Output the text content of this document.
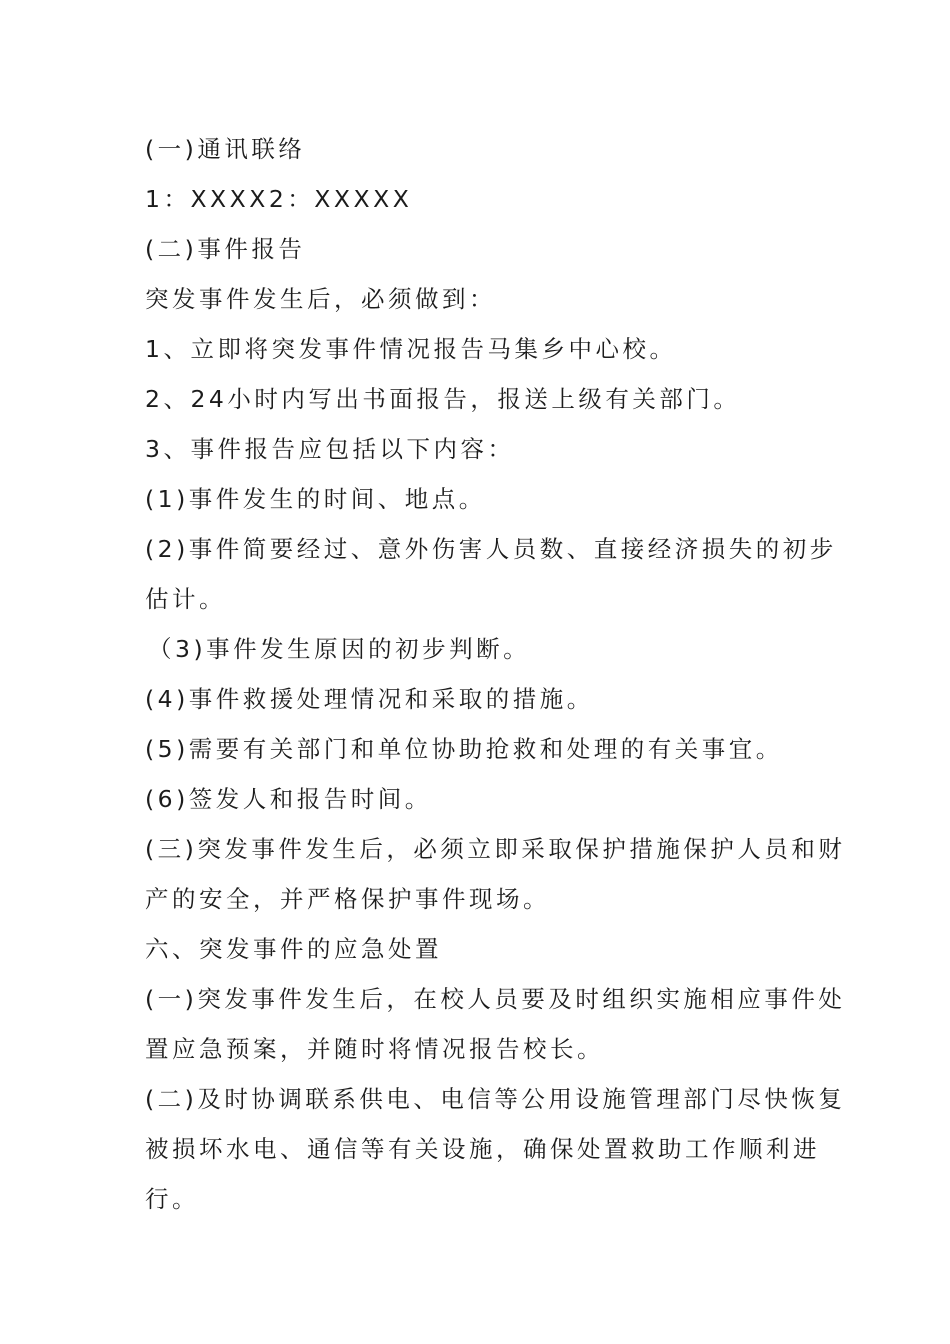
(一)通讯联络
1：XXXX2：XXXXX
(二)事件报告
突发事件发生后，必须做到：
1、立即将突发事件情况报告马集乡中心校。
2、24小时内写出书面报告，报送上级有关部门。
3、事件报告应包括以下内容：
(1)事件发生的时间、地点。
(2)事件简要经过、意外伤害人员数、直接经济损失的初步
估计。
（3)事件发生原因的初步判断。
(4)事件救援处理情况和采取的措施。
(5)需要有关部门和单位协助抢救和处理的有关事宜。
(6)签发人和报告时间。
(三)突发事件发生后，必须立即采取保护措施保护人员和财
产的安全，并严格保护事件现场。
六、突发事件的应急处置
(一)突发事件发生后，在校人员要及时组织实施相应事件处
置应急预案，并随时将情况报告校长。
(二)及时协调联系供电、电信等公用设施管理部门尽快恢复
被损坏水电、通信等有关设施，确保处置救助工作顺利进
行。
